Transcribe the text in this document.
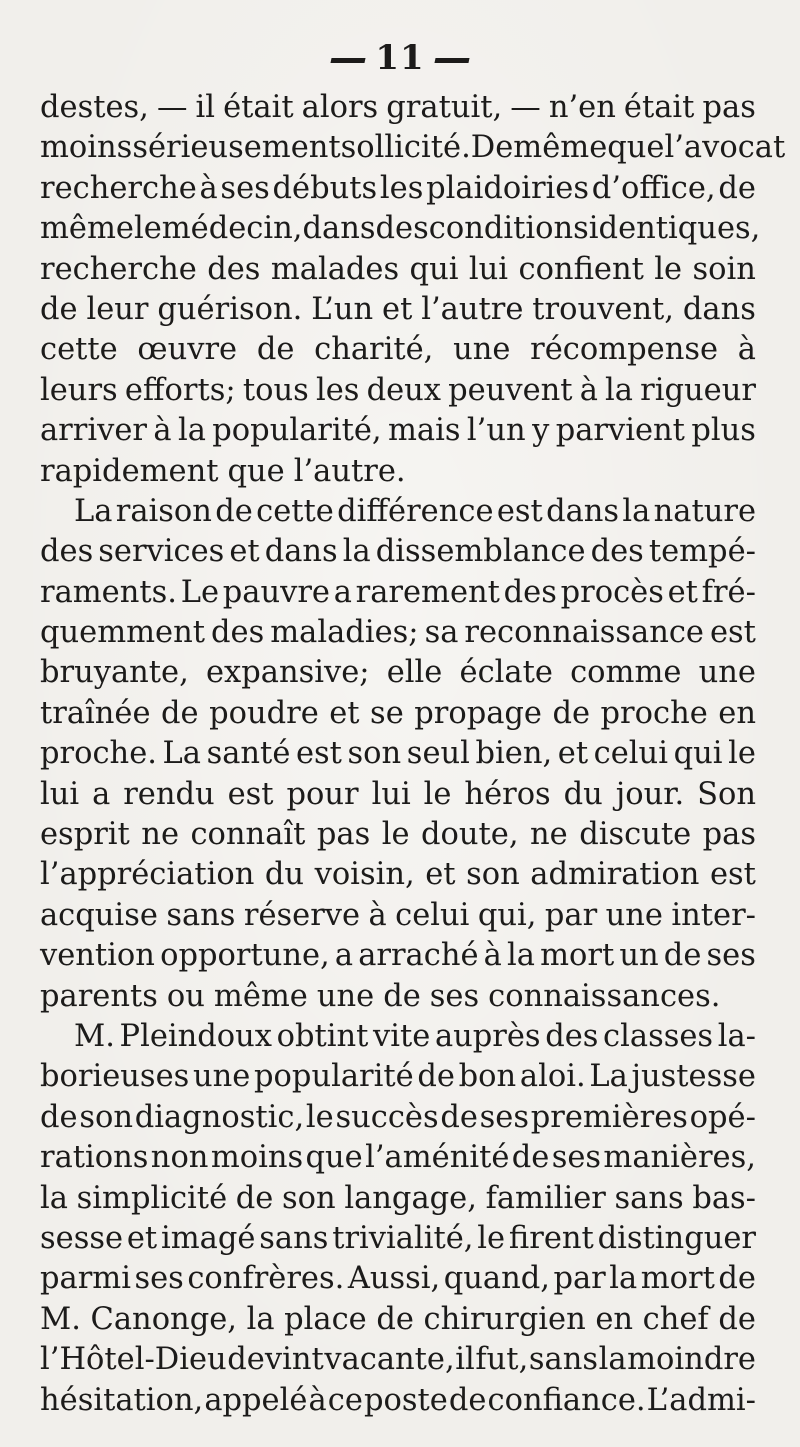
11
destes, — il était alors gratuit, — n’en était pas
moins sérieusement sollicité. De même que l’avocat
recherche à ses débuts les plaidoiries d’office, de
même le médecin, dans des conditions identiques,
recherche des malades qui lui confient le soin
de leur guérison. L’un et l’autre trouvent, dans
cette œuvre de charité, une récompense à
leurs efforts; tous les deux peuvent à la rigueur
arriver à la popularité, mais l’un y parvient plus
rapidement que l’autre.
La raison de cette différence est dans la nature
des services et dans la dissemblance des tempé-
raments. Le pauvre a rarement des procès et fré-
quemment des maladies; sa reconnaissance est
bruyante, expansive; elle éclate comme une
traînée de poudre et se propage de proche en
proche. La santé est son seul bien, et celui qui le
lui a rendu est pour lui le héros du jour. Son
esprit ne connaît pas le doute, ne discute pas
l’appréciation du voisin, et son admiration est
acquise sans réserve à celui qui, par une inter-
vention opportune, a arraché à la mort un de ses
parents ou même une de ses connaissances.
M. Pleindoux obtint vite auprès des classes la-
borieuses une popularité de bon aloi. La justesse
de son diagnostic, le succès de ses premières opé-
rations non moins que l’aménité de ses manières,
la simplicité de son langage, familier sans bas-
sesse et imagé sans trivialité, le firent distinguer
parmi ses confrères. Aussi, quand, par la mort de
M. Canonge, la place de chirurgien en chef de
l’Hôtel-Dieu devint vacante, il fut, sans la moindre
hésitation, appelé à ce poste de confiance. L’admi-
